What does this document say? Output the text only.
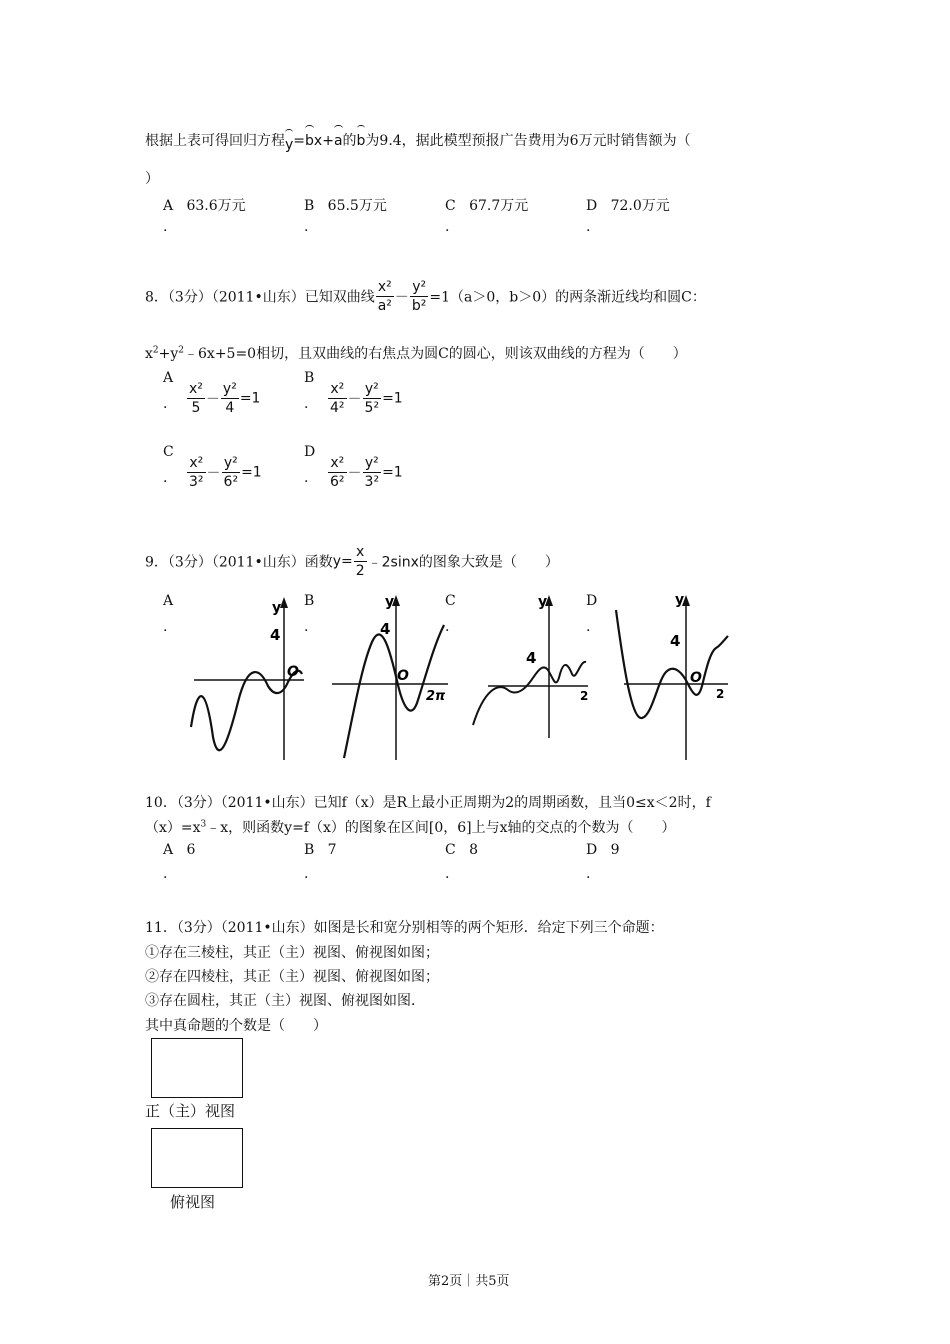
根据上表可得回归方程y=bx+a的b为9.4，据此模型预报广告费用为6万元时销售额为（
）
A 63.6万元
.
B 65.5万元
.
C 67.7万元
.
D 72.0万元
.
8．（3分）（2011•山东）已知双曲线 $\frac{\text{x²}}{\text{a²}} - \frac{\text{y²}}{\text{b²}} =1(a>0$，b＞0）的两条渐近线均和圆C：
$x^2+y^2﹣6x+5=0$相切，且双曲线的右焦点为圆C的圆心，则该双曲线的方程为（　　）
A
. $\frac{\text{x²}}{5} - \frac{\text{y²}}{4} =1$
B
. $\frac{\text{x²}}{\text{4²}} - \frac{\text{y²}}{\text{5²}} =1$
C
. $\frac{\text{x²}}{\text{3²}} - \frac{\text{y²}}{\text{6²}} =1$
D
. $\frac{\text{x²}}{\text{6²}} - \frac{\text{y²}}{\text{3²}} =1$
9．（3分）（2011•山东）函数$y= \frac{x}{2}$ ﹣2sinx的图象大致是（　　）
A
.
B
.
C
.
D
.
y
4
O
y
4
O
2π
y
4
2
y
4
O
2
10．（3分）（2011•山东）已知f（x）是R上最小正周期为2的周期函数，且当0≤x＜2时，f
$(x)=x^3﹣x$，则函数y=f（x）的图象在区间[0，6]上与x轴的交点的个数为（　　）
A 6
.
B 7
.
C 8
.
D 9
.
11．（3分）（2011•山东）如图是长和宽分别相等的两个矩形．给定下列三个命题：
①存在三棱柱，其正（主）视图、俯视图如图；
②存在四棱柱，其正（主）视图、俯视图如图；
③存在圆柱，其正（主）视图、俯视图如图．
其中真命题的个数是（　　）
正（主）视图
俯视图
第2页｜共5页
